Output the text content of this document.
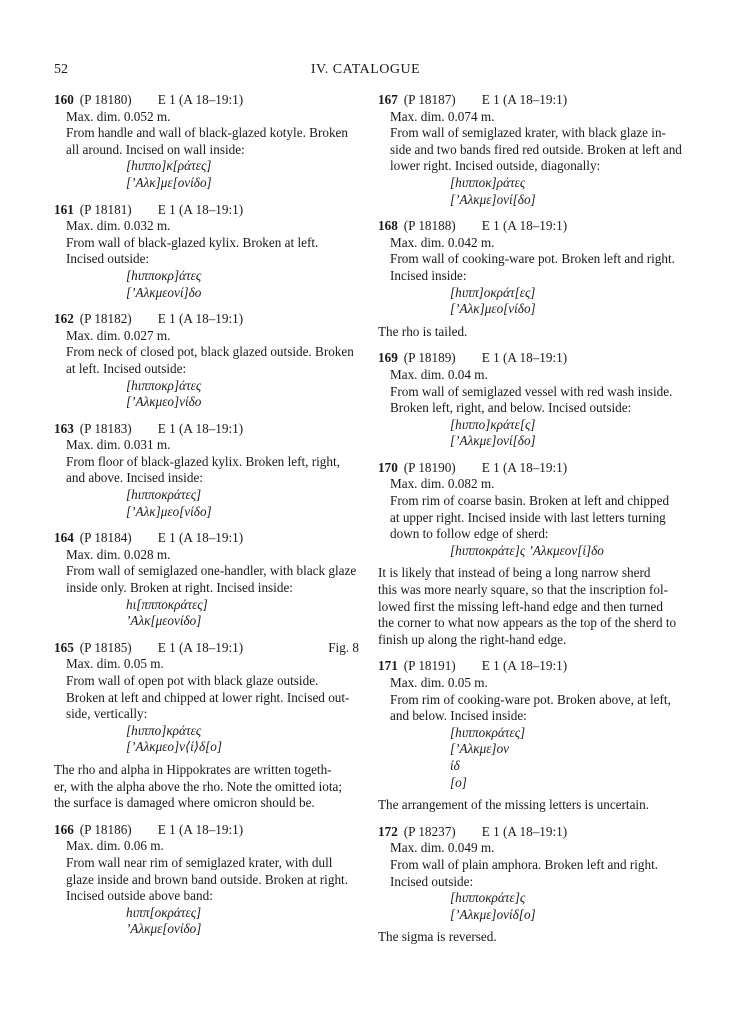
52	IV. CATALOGUE
160 (P 18180)	E 1 (A 18–19:1)
Max. dim. 0.052 m.
From handle and wall of black-glazed kotyle. Broken
all around. Incised on wall inside:
[hιππο]κ[ράτες]
[ʼΑλκ]με[ονίδο]
161 (P 18181)	E 1 (A 18–19:1)
Max. dim. 0.032 m.
From wall of black-glazed kylix. Broken at left.
Incised outside:
[hιπποκρ]άτες
[ʼΑλκμεονί]δο
162 (P 18182)	E 1 (A 18–19:1)
Max. dim. 0.027 m.
From neck of closed pot, black glazed outside. Broken
at left. Incised outside:
[hιπποκρ]άτες
[ʼΑλκμεο]νίδο
163 (P 18183)	E 1 (A 18–19:1)
Max. dim. 0.031 m.
From floor of black-glazed kylix. Broken left, right,
and above. Incised inside:
[hιπποκράτες]
[ʼΑλκ]μεο[νίδο]
164 (P 18184)	E 1 (A 18–19:1)
Max. dim. 0.028 m.
From wall of semiglazed one-handler, with black glaze
inside only. Broken at right. Incised inside:
hι[ππποκράτες]
ʼΑλκ[μεονίδο]
165 (P 18185)	E 1 (A 18–19:1)	Fig. 8
Max. dim. 0.05 m.
From wall of open pot with black glaze outside.
Broken at left and chipped at lower right. Incised out-
side, vertically:
[hιππο]κράτες
[ʼΑλκμεο]ν⟨ί⟩δ[ο]
The rho and alpha in Hippokrates are written togeth-
er, with the alpha above the rho. Note the omitted iota;
the surface is damaged where omicron should be.
166 (P 18186)	E 1 (A 18–19:1)
Max. dim. 0.06 m.
From wall near rim of semiglazed krater, with dull
glaze inside and brown band outside. Broken at right.
Incised outside above band:
hιππ[οκράτες]
ʼΑλκμε[ονίδο]
167 (P 18187)	E 1 (A 18–19:1)
Max. dim. 0.074 m.
From wall of semiglazed krater, with black glaze in-
side and two bands fired red outside. Broken at left and
lower right. Incised outside, diagonally:
[hιπποκ]ράτες
[ʼΑλκμε]ονί[δο]
168 (P 18188)	E 1 (A 18–19:1)
Max. dim. 0.042 m.
From wall of cooking-ware pot. Broken left and right.
Incised inside:
[hιππ]οκράτ[ες]
[ʼΑλκ]μεο[νίδο]
The rho is tailed.
169 (P 18189)	E 1 (A 18–19:1)
Max. dim. 0.04 m.
From wall of semiglazed vessel with red wash inside.
Broken left, right, and below. Incised outside:
[hιππο]κράτε[ς]
[ʼΑλκμε]ονί[δο]
170 (P 18190)	E 1 (A 18–19:1)
Max. dim. 0.082 m.
From rim of coarse basin. Broken at left and chipped
at upper right. Incised inside with last letters turning
down to follow edge of sherd:
[hιπποκράτε]ς ʼΑλκμεον[ί]δο
It is likely that instead of being a long narrow sherd
this was more nearly square, so that the inscription fol-
lowed first the missing left-hand edge and then turned
the corner to what now appears as the top of the sherd to
finish up along the right-hand edge.
171 (P 18191)	E 1 (A 18–19:1)
Max. dim. 0.05 m.
From rim of cooking-ware pot. Broken above, at left,
and below. Incised inside:
[hιπποκράτες]
[ʼΑλκμε]ον
ίδ
[ο]
The arrangement of the missing letters is uncertain.
172 (P 18237)	E 1 (A 18–19:1)
Max. dim. 0.049 m.
From wall of plain amphora. Broken left and right.
Incised outside:
[hιπποκράτε]ς
[ʼΑλκμε]ονίδ[ο]
The sigma is reversed.
